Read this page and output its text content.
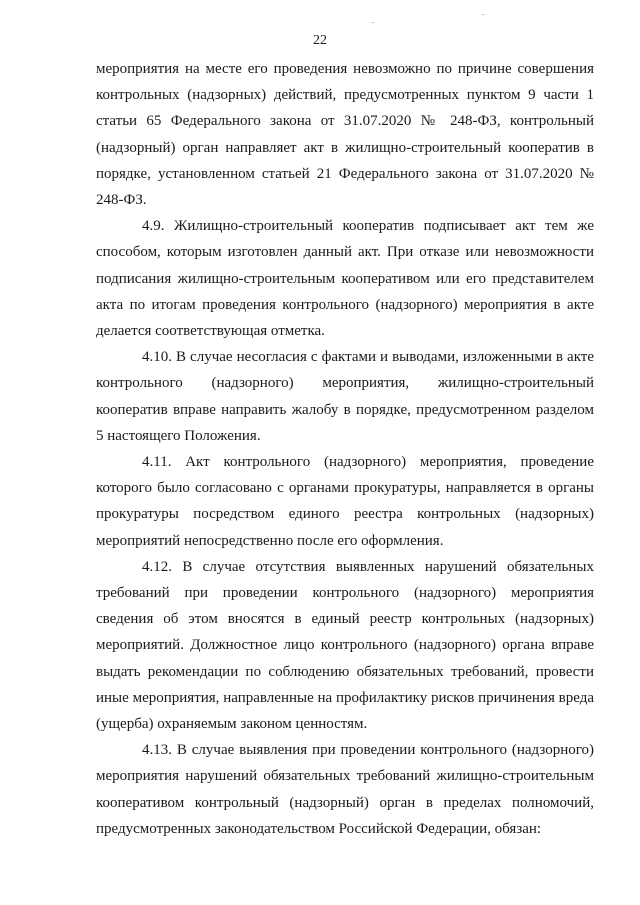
22

мероприятия на месте его проведения невозможно по причине совершения контрольных (надзорных) действий, предусмотренных пунктом 9 части 1 статьи 65 Федерального закона от 31.07.2020 № 248-ФЗ, контрольный (надзорный) орган направляет акт в жилищно-строительный кооператив в порядке, установленном статьей 21 Федерального закона от 31.07.2020 № 248-ФЗ.

4.9. Жилищно-строительный кооператив подписывает акт тем же способом, которым изготовлен данный акт. При отказе или невозможности подписания жилищно-строительным кооперативом или его представителем акта по итогам проведения контрольного (надзорного) мероприятия в акте делается соответствующая отметка.

4.10. В случае несогласия с фактами и выводами, изложенными в акте контрольного (надзорного) мероприятия, жилищно-строительный кооператив вправе направить жалобу в порядке, предусмотренном разделом 5 настоящего Положения.

4.11. Акт контрольного (надзорного) мероприятия, проведение которого было согласовано с органами прокуратуры, направляется в органы прокуратуры посредством единого реестра контрольных (надзорных) мероприятий непосредственно после его оформления.

4.12. В случае отсутствия выявленных нарушений обязательных требований при проведении контрольного (надзорного) мероприятия сведения об этом вносятся в единый реестр контрольных (надзорных) мероприятий. Должностное лицо контрольного (надзорного) органа вправе выдать рекомендации по соблюдению обязательных требований, провести иные мероприятия, направленные на профилактику рисков причинения вреда (ущерба) охраняемым законом ценностям.

4.13. В случае выявления при проведении контрольного (надзорного) мероприятия нарушений обязательных требований жилищно-строительным кооперативом контрольный (надзорный) орган в пределах полномочий, предусмотренных законодательством Российской Федерации, обязан:
